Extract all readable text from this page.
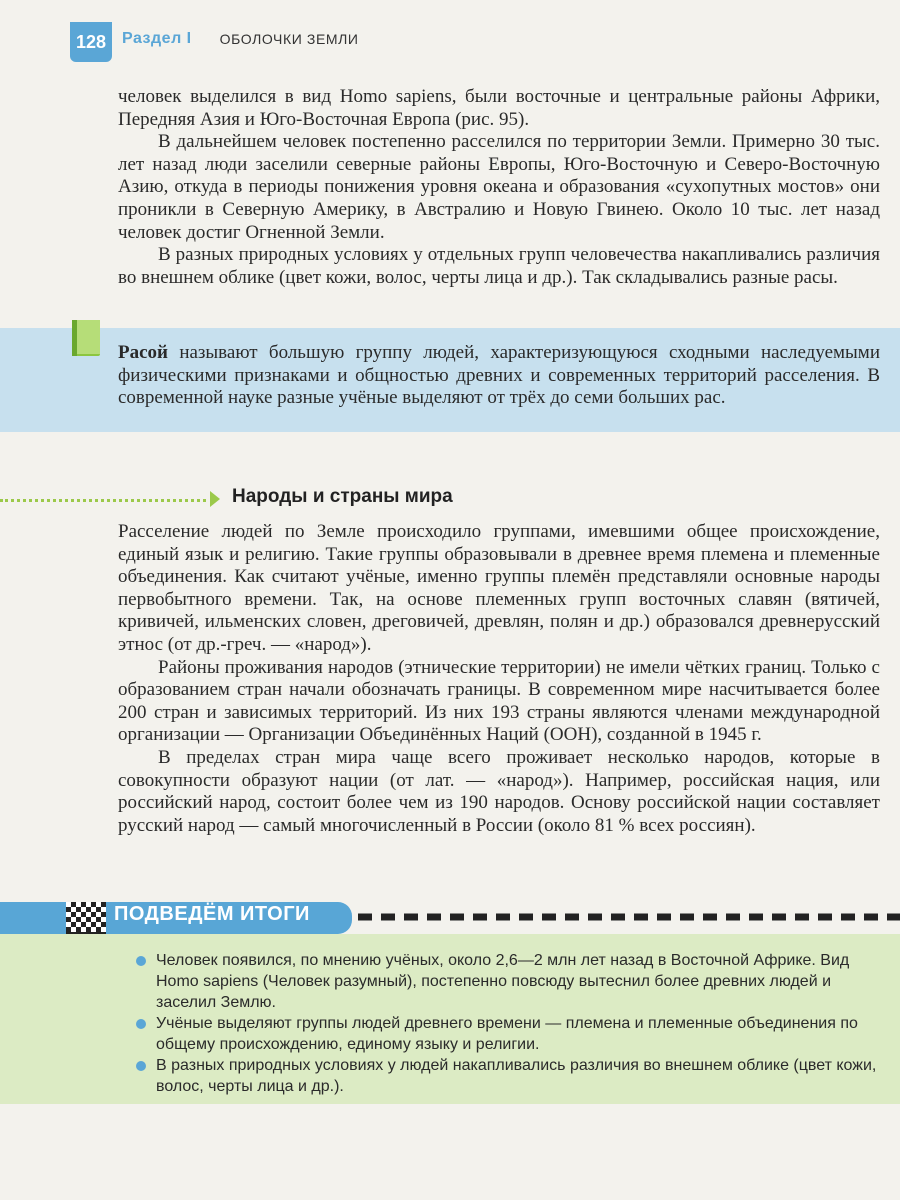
128 Раздел I ОБОЛОЧКИ ЗЕМЛИ

человек выделился в вид Homo sapiens, были восточные и центральные районы Африки, Передняя Азия и Юго-Восточная Европа (рис. 95).

В дальнейшем человек постепенно расселился по территории Земли. Примерно 30 тыс. лет назад люди заселили северные районы Европы, Юго-Восточную и Северо-Восточную Азию, откуда в периоды понижения уровня океана и образования «сухопутных мостов» они проникли в Северную Америку, в Австралию и Новую Гвинею. Около 10 тыс. лет назад человек достиг Огненной Земли.

В разных природных условиях у отдельных групп человечества накапливались различия во внешнем облике (цвет кожи, волос, черты лица и др.). Так складывались разные расы.

Расой называют большую группу людей, характеризующуюся сходными наследуемыми физическими признаками и общностью древних и современных территорий расселения. В современной науке разные учёные выделяют от трёх до семи больших рас.
Народы и страны мира

Расселение людей по Земле происходило группами, имевшими общее происхождение, единый язык и религию. Такие группы образовывали в древнее время племена и племенные объединения. Как считают учёные, именно группы племён представляли основные народы первобытного времени. Так, на основе племенных групп восточных славян (вятичей, кривичей, ильменских словен, дреговичей, древлян, полян и др.) образовался древнерусский этнос (от др.-греч. — «народ»).

Районы проживания народов (этнические территории) не имели чётких границ. Только с образованием стран начали обозначать границы. В современном мире насчитывается более 200 стран и зависимых территорий. Из них 193 страны являются членами международной организации — Организации Объединённых Наций (ООН), созданной в 1945 г.

В пределах стран мира чаще всего проживает несколько народов, которые в совокупности образуют нации (от лат. — «народ»). Например, российская нация, или российский народ, состоит более чем из 190 народов. Основу российской нации составляет русский народ — самый многочисленный в России (около 81 % всех россиян).

ПОДВЕДЁМ ИТОГИ
Человек появился, по мнению учёных, около 2,6—2 млн лет назад в Восточной Африке. Вид Homo sapiens (Человек разумный), постепенно повсюду вытеснил более древних людей и заселил Землю.
Учёные выделяют группы людей древнего времени — племена и племенные объединения по общему происхождению, единому языку и религии.
В разных природных условиях у людей накапливались различия во внешнем облике (цвет кожи, волос, черты лица и др.).
